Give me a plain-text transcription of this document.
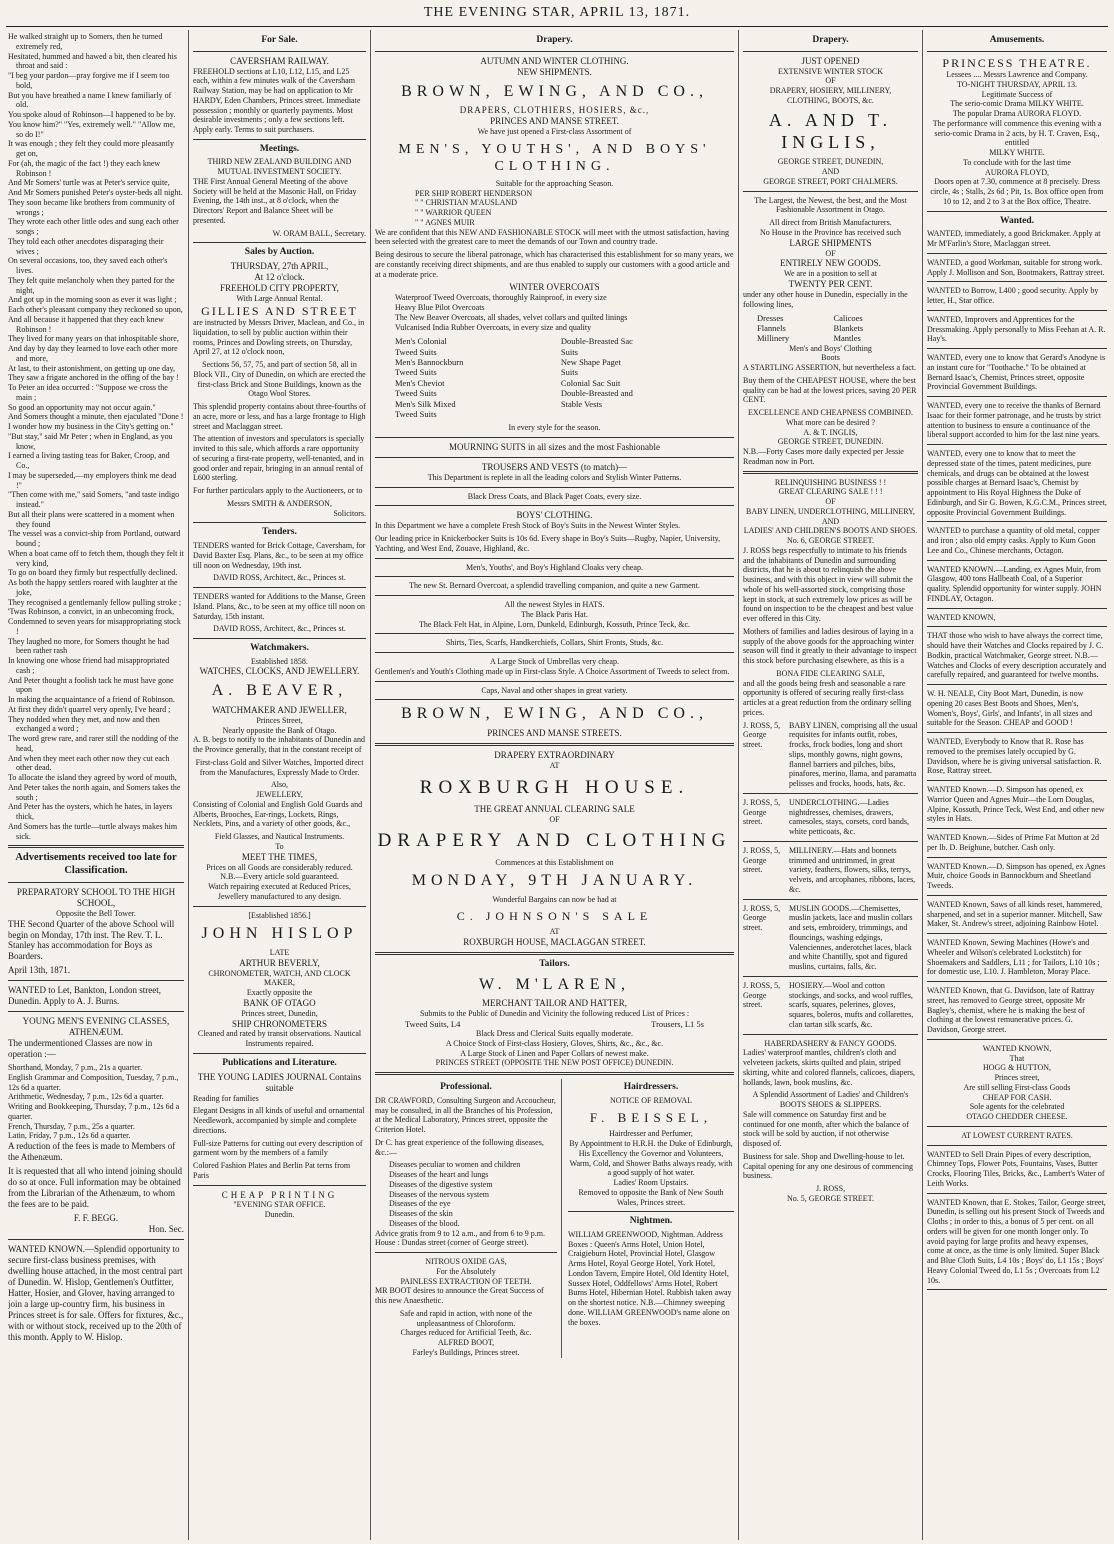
THE EVENING STAR, APRIL 13, 1871.

He walked straight up to Somers, then he turned extremely red,

Hesitated, hummed and hawed a bit, then cleared his throat and said :

"I beg your pardon—pray forgive me if I seem too bold,

But you have breathed a name I knew familiarly of old.

You spoke aloud of Robinson—I happened to be by.

You know him?" "Yes, extremely well." "Allow me, so do I!"

It was enough ; they felt they could more pleasantly get on,

For (ah, the magic of the fact !) they each knew Robinson !

And Mr Somers' turtle was at Peter's service quite,

And Mr Somers punished Peter's oyster-beds all night.

They soon became like brothers from community of wrongs ;

They wrote each other little odes and sung each other songs ;

They told each other anecdotes disparaging their wives ;

On several occasions, too, they saved each other's lives.

They felt quite melancholy when they parted for the night,

And got up in the morning soon as ever it was light ;

Each other's pleasant company they reckoned so upon,

And all because it happened that they each knew Robinson !

They lived for many years on that inhospitable shore,

And day by day they learned to love each other more and more,

At last, to their astonishment, on getting up one day,

They saw a frigate anchored in the offing of the bay !

To Peter an idea occurred : "Suppose we cross the main ;

So good an opportunity may not occur again."

And Somers thought a minute, then ejaculated "Done !

I wonder how my business in the City's getting on."

"But stay," said Mr Peter ; when in England, as you know,

I earned a living tasting teas for Baker, Croop, and Co.,

I may be superseded,—my employers think me dead !"

"Then come with me," said Somers, "and taste indigo instead."

But all their plans were scattered in a moment when they found

The vessel was a convict-ship from Portland, outward bound ;

When a boat came off to fetch them, though they felt it very kind,

To go on board they firmly but respectfully declined.

As both the happy settlers roared with laughter at the joke,

They recognised a gentlemanly fellow pulling stroke ;

'Twas Robinson, a convict, in an unbecoming frock,

Condemned to seven years for misappropriating stock !

They laughed no more, for Somers thought he had been rather rash

In knowing one whose friend had misappropriated cash ;

And Peter thought a foolish tack he must have gone upon

In making the acquaintance of a friend of Robinson.

At first they didn't quarrel very openly, I've heard ;

They nodded when they met, and now and then exchanged a word ;

The word grew rare, and rarer still the nodding of the head,

And when they meet each other now they cut each other dead.

To allocate the island they agreed by word of mouth,

And Peter takes the north again, and Somers takes the south ;

And Peter has the oysters, which he hates, in layers thick,

And Somers has the turtle—turtle always makes him sick.

Advertisements received too late for Classification.
PREPARATORY SCHOOL TO THE HIGH SCHOOL,
Opposite the Bell Tower.

THE Second Quarter of the above School will begin on Monday, 17th inst. The Rev. T. L. Stanley has accommodation for Boys as Boarders.

April 13th, 1871.

WANTED to Let, Bankton, London street, Dunedin. Apply to A. J. Burns.

YOUNG MEN'S EVENING CLASSES, ATHENÆUM.

The undermentioned Classes are now in operation :—

Shorthand, Monday, 7 p.m., 21s a quarter.
English Grammar and Composition, Tuesday, 7 p.m., 12s 6d a quarter.
Arithmetic, Wednesday, 7 p.m., 12s 6d a quarter.
Writing and Bookkeeping, Thursday, 7 p.m., 12s 6d a quarter.
French, Thursday, 7 p.m., 25s a quarter.
Latin, Friday, 7 p.m., 12s 6d a quarter.

A reduction of the fees is made to Members of the Athenæum.

It is requested that all who intend joining should do so at once. Full information may be obtained from the Librarian of the Athenæum, to whom the fees are to be paid.

F. F. BEGG.
Hon. Sec.

WANTED KNOWN.—Splendid opportunity to secure first-class business premises, with dwelling house attached, in the most central part of Dunedin. W. Hislop, Gentlemen's Outfitter, Hatter, Hosier, and Glover, having arranged to join a large up-country firm, his business in Princes street is for sale. Offers for fixtures, &c., with or without stock, received up to the 20th of this month. Apply to W. Hislop.

For Sale.
CAVERSHAM RAILWAY.

FREEHOLD sections at L10, L12, L15, and L25 each, within a few minutes walk of the Caversham Railway Station, may be had on application to Mr HARDY, Eden Chambers, Princes street. Immediate possession ; monthly or quarterly payments. Most desirable investments ; only a few sections left. Apply early. Terms to suit purchasers.

Meetings.
THIRD NEW ZEALAND BUILDING AND MUTUAL INVESTMENT SOCIETY.

THE First Annual General Meeting of the above Society will be held at the Masonic Hall, on Friday Evening, the 14th inst., at 8 o'clock, when the Directors' Report and Balance Sheet will be presented.

W. ORAM BALL, Secretary.
Sales by Auction.
THURSDAY, 27th APRIL,
At 12 o'clock.
FREEHOLD CITY PROPERTY,
With Large Annual Rental.
GILLIES AND STREET

are instructed by Messrs Driver, Maclean, and Co., in liquidation, to sell by public auction within their rooms, Princes and Dowling streets, on Thursday, April 27, at 12 o'clock noon,

Sections 56, 57, 75, and part of section 58, all in Block VII., City of Dunedin, on which are erected the first-class Brick and Stone Buildings, known as the Otago Wool Stores.

This splendid property contains about three-fourths of an acre, more or less, and has a large frontage to High street and Maclaggan street.

The attention of investors and speculators is specially invited to this sale, which affords a rare opportunity of securing a first-rate property, well-tenanted, and in good order and repair, bringing in an annual rental of L600 sterling.

For further particulars apply to the Auctioneers, or to

Messrs SMITH & ANDERSON,
Solicitors.
Tenders.

TENDERS wanted for Brick Cottage, Caversham, for David Baxter Esq. Plans, &c., to be seen at my office till noon on Wednesday, 19th inst.

DAVID ROSS, Architect, &c., Princes st.

TENDERS wanted for Additions to the Manse, Green Island. Plans, &c., to be seen at my office till noon on Saturday, 15th instant.

DAVID ROSS, Architect, &c., Princes st.
Watchmakers.
Established 1858.
WATCHES, CLOCKS, AND JEWELLERY.
A. BEAVER,
WATCHMAKER AND JEWELLER,
Princes Street,
Nearly opposite the Bank of Otago.

A. B. begs to notify to the inhabitants of Dunedin and the Province generally, that in the constant receipt of

First-class Gold and Silver Watches, Imported direct from the Manufactures, Expressly Made to Order.

Also,
JEWELLERY,

Consisting of Colonial and English Gold Guards and Alberts, Brooches, Ear-rings, Lockets, Rings, Necklets, Pins, and a variety of other goods, &c.,

Field Glasses, and Nautical Instruments.
To
MEET THE TIMES,
Prices on all Goods are considerably reduced.
N.B.—Every article sold guaranteed.
Watch repairing executed at Reduced Prices,
Jewellery manufactured to any design.
[Established 1856.]
JOHN HISLOP
LATE
ARTHUR BEVERLY,
CHRONOMETER, WATCH, AND CLOCK MAKER,
Exactly opposite the
BANK OF OTAGO
Princes street, Dunedin,
SHIP CHRONOMETERS
Cleaned and rated by transit observations. Nautical Instruments repaired.
Publications and Literature.
THE YOUNG LADIES JOURNAL Contains suitable

Reading for families

Elegant Designs in all kinds of useful and ornamental Needlework, accompanied by simple and complete directions.

Full-size Patterns for cutting out every description of garment worn by the members of a family

Colored Fashion Plates and Berlin Pat terns from Paris

CHEAP PRINTING
"EVENING STAR OFFICE.
Dunedin.
Drapery.
AUTUMN AND WINTER CLOTHING.
NEW SHIPMENTS.
BROWN, EWING, AND CO.,
DRAPERS, CLOTHIERS, HOSIERS, &c.,
PRINCES AND MANSE STREET.
We have just opened a First-class Assortment of
MEN'S, YOUTHS', AND BOYS' CLOTHING.
Suitable for the approaching Season.
PER SHIP ROBERT HENDERSON
" " CHRISTIAN M'AUSLAND
" " WARRIOR QUEEN
" " AGNES MUIR

We are confident that this NEW AND FASHIONABLE STOCK will meet with the utmost satisfaction, having been selected with the greatest care to meet the demands of our Town and country trade.

Being desirous to secure the liberal patronage, which has characterised this establishment for so many years, we are constantly receiving direct shipments, and are thus enabled to supply our customers with a good article and at a moderate price.

WINTER OVERCOATS
Waterproof Tweed Overcoats, thoroughly Rainproof, in every size
Heavy Blue Pilot Overcoats
The New Beaver Overcoats, all shades, velvet collars and quilted linings
Vulcanised India Rubber Overcoats, in every size and quality
Men's Colonial Tweed Suits
Men's Bannockburn Tweed Suits
Men's Cheviot Tweed Suits
Men's Silk Mixed Tweed Suits
Double-Breasted Sac Suits
New Shape Paget Suits
Colonial Sac Suit
Double-Breasted and Stable Vests
In every style for the season.
MOURNING SUITS in all sizes and the most Fashionable
TROUSERS AND VESTS (to match)—
This Department is replete in all the leading colors and Stylish Winter Patterns.
Black Dress Coats, and Black Paget Coats, every size.
BOYS' CLOTHING.

In this Department we have a complete Fresh Stock of Boy's Suits in the Newest Winter Styles.

Our leading price in Knickerbocker Suits is 10s 6d. Every shape in Boy's Suits—Rugby, Napier, University, Yachting, and West End, Zouave, Highland, &c.

Men's, Youths', and Boy's Highland Cloaks very cheap.
The new St. Bernard Overcoat, a splendid travelling companion, and quite a new Garment.
All the newest Styles in HATS.
The Black Paris Hat.
The Black Felt Hat, in Alpine, Lorn, Dunkeld, Edinburgh, Kossuth, Prince Teck, &c.
Shirts, Ties, Scarfs, Handkerchiefs, Collars, Shirt Fronts, Studs, &c.
A Large Stock of Umbrellas very cheap.

Gentlemen's and Youth's Clothing made up in First-class Style. A Choice Assortment of Tweeds to select from.

Caps, Naval and other shapes in great variety.
BROWN, EWING, AND CO.,
PRINCES AND MANSE STREETS.
DRAPERY EXTRAORDINARY
AT
ROXBURGH HOUSE.
THE GREAT ANNUAL CLEARING SALE
OF
DRAPERY AND CLOTHING
Commences at this Establishment on
MONDAY, 9TH JANUARY.
Wonderful Bargains can now be had at
C. JOHNSON'S SALE
AT
ROXBURGH HOUSE, MACLAGGAN STREET.
Tailors.
W. M'LAREN,
MERCHANT TAILOR AND HATTER,
Submits to the Public of Dunedin and Vicinity the following reduced List of Prices :
Tweed Suits, L4	Trousers, L1 5s
Black Dress and Clerical Suits equally moderate.
A Choice Stock of First-class Hosiery, Gloves, Shirts, &c., &c., &c.
A Large Stock of Linen and Paper Collars of newest make.
PRINCES STREET (OPPOSITE THE NEW POST OFFICE) DUNEDIN.
Professional.

DR CRAWFORD, Consulting Surgeon and Accoucheur, may be consulted, in all the Branches of his Profession, at the Medical Laboratory, Princes street, opposite the Criterion Hotel.

Dr C. has great experience of the following diseases, &c.:—

Diseases peculiar to women and children
Diseases of the heart and lungs
Diseases of the digestive system
Diseases of the nervous system
Diseases of the eye
Diseases of the skin
Diseases of the blood.

Advice gratis from 9 to 12 a.m., and from 6 to 9 p.m. House : Dundas street (corner of George street).

NITROUS OXIDE GAS,
For the Absolutely
PAINLESS EXTRACTION OF TEETH.

MR BOOT desires to announce the Great Success of this new Anaesthetic.

Safe and rapid in action, with none of the unpleasantness of Chloroform.
Charges reduced for Artificial Teeth, &c.
ALFRED BOOT,
Farley's Buildings, Princes street.
Hairdressers.
NOTICE OF REMOVAL
F. BEISSEL,
Hairdresser and Perfumer,
By Appointment to H.R.H. the Duke of Edinburgh, His Excellency the Governor and Volunteers,
Warm, Cold, and Shower Baths always ready, with a good supply of hot water.
Ladies' Room Upstairs.
Removed to opposite the Bank of New South Wales, Princes street.
Nightmen.

WILLIAM GREENWOOD, Nightman. Address Boxes : Queen's Arms Hotel, Union Hotel, Craigieburn Hotel, Provincial Hotel, Glasgow Arms Hotel, Royal George Hotel, York Hotel, London Tavern, Empire Hotel, Old Identity Hotel, Sussex Hotel, Oddfellows' Arms Hotel, Robert Burns Hotel, Hibernian Hotel. Rubbish taken away on the shortest notice. N.B.—Chimney sweeping done. WILLIAM GREENWOOD's name alone on the boxes.

Drapery.
JUST OPENED
EXTENSIVE WINTER STOCK
OF
DRAPERY, HOSIERY, MILLINERY,
CLOTHING, BOOTS, &c.
A. AND T. INGLIS,
GEORGE STREET, DUNEDIN,
AND
GEORGE STREET, PORT CHALMERS.

The Largest, the Newest, the best, and the Most Fashionable Assortment in Otago.

All direct from British Manufacturers.
No House in the Province has received such
LARGE SHIPMENTS
OF
ENTIRELY NEW GOODS.
We are in a position to sell at
TWENTY PER CENT.

under any other house in Dunedin, especially in the following lines,

Dresses
Flannels
Millinery
Calicoes
Blankets
Mantles
Men's and Boys' Clothing
Boots

A STARTLING ASSERTION, but nevertheless a fact.

Buy them of the CHEAPEST HOUSE, where the best quality can be had at the lowest prices, saving 20 PER CENT.

EXCELLENCE AND CHEAPNESS COMBINED.
What more can be desired ?
A. & T. INGLIS,
GEORGE STREET, DUNEDIN.

N.B.—Forty Cases more daily expected per Jessie Readman now in Port.

RELINQUISHING BUSINESS ! !
GREAT CLEARING SALE ! ! !
OF
BABY LINEN, UNDERCLOTHING, MILLINERY,
AND
LADIES' AND CHILDREN'S BOOTS AND SHOES.
No. 6, GEORGE STREET.

J. ROSS begs respectfully to intimate to his friends and the inhabitants of Dunedin and surrounding districts, that he is about to relinquish the above business, and with this object in view will submit the whole of his well-assorted stock, comprising those kept in stock, at such extremely low prices as will be found on inspection to be the cheapest and best value ever offered in this City.

Mothers of families and ladies desirous of laying in a supply of the above goods for the approaching winter season will find it greatly to their advantage to inspect this stock before purchasing elsewhere, as this is a

BONA FIDE CLEARING SALE,

and all the goods being fresh and seasonable a rare opportunity is offered of securing really first-class articles at a great reduction from the ordinary selling prices.

J. ROSS, 5, George street.
BABY LINEN, comprising all the usual requisites for infants outfit, robes, frocks, frock bodies, long and short slips, monthly gowns, night gowns, flannel barriers and pilches, bibs, pinafores, merino, llama, and paramatta pelisses and frocks, hoods, hats, &c.
J. ROSS, 5, George street.
UNDERCLOTHING.—Ladies nightdresses, chemises, drawers, camesoles, stays, corsets, cord bands, white petticoats, &c.
J. ROSS, 5, George street.
MILLINERY.—Hats and bonnets trimmed and untrimmed, in great variety, feathers, flowers, silks, terrys, velvets, and arcophanes, ribbons, laces, &c.
J. ROSS, 5, George street.
MUSLIN GOODS.—Chemisettes, muslin jackets, lace and muslin collars and sets, embroidery, trimmings, and flouncings, washing edgings, Valenciennes, anderotchet laces, black and white Chantilly, spot and figured muslins, curtains, falls, &c.
J. ROSS, 5, George street.
HOSIERY.—Wool and cotton stockings, and socks, and wool ruffles, scarfs, squares, pelerines, gloves, squares, boleros, mufts and collarettes, clan tartan silk scarfs, &c.
HABERDASHERY & FANCY GOODS.

Ladies' waterproof mantles, children's cloth and velveteen jackets, skirts quilted and plain, striped skirting, white and colored flannels, calicoes, diapers, hollands, lawn, book muslins, &c.

A Splendid Assortment of Ladies' and Children's
BOOTS SHOES & SLIPPERS.

Sale will commence on Saturday first and be continued for one month, after which the balance of stock will be sold by auction, if not otherwise disposed of.

Business for sale. Shop and Dwelling-house to let. Capital opening for any one desirous of commencing business.

J. ROSS,
No. 5, GEORGE STREET.
Amusements.
PRINCESS THEATRE.
Lessees .... Messrs Lawrence and Company.
TO-NIGHT THURSDAY, APRIL 13.
Legitimate Success of
The serio-comic Drama MILKY WHITE.
The popular Drama AURORA FLOYD.
The performance will commence this evening with a serio-comic Drama in 2 acts, by H. T. Craven, Esq., entitled
MILKY WHITE.
To conclude with for the last time
AURORA FLOYD,
Doors open at 7.30, commence at 8 precisely. Dress circle, 4s ; Stalls, 2s 6d ; Pit, 1s. Box office open from 10 to 12, and 2 to 3 at the Box office, Theatre.
Wanted.

WANTED, immediately, a good Brickmaker. Apply at Mr M'Farlin's Store, Maclaggan street.

WANTED, a good Workman, suitable for strong work. Apply J. Mollison and Son, Bootmakers, Rattray street.

WANTED to Borrow, L400 ; good security. Apply by letter, H., Star office.

WANTED, Improvers and Apprentices for the Dressmaking. Apply personally to Miss Feehan at A. R. Hay's.

WANTED, every one to know that Gerard's Anodyne is an instant cure for "Toothache." To be obtained at Bernard Isaac's, Chemist, Princes street, opposite Provincial Government Buildings.

WANTED, every one to receive the thanks of Bernard Isaac for their former patronage, and he trusts by strict attention to business to ensure a continuance of the liberal support accorded to him for the last nine years.

WANTED, every one to know that to meet the depressed state of the times, patent medicines, pure chemicals, and drugs can be obtained at the lowest possible charges at Bernard Isaac's, Chemist by appointment to His Royal Highness the Duke of Edinburgh, and Sir G. Bowen, K.G.C.M., Princes street, opposite Provincial Government Buildings.

WANTED to purchase a quantity of old metal, copper and iron ; also old empty casks. Apply to Kum Goon Lee and Co., Chinese merchants, Octagon.

WANTED KNOWN.—Landing, ex Agnes Muir, from Glasgow, 400 tons Hallbeath Coal, of a Superior quality. Splendid opportunity for winter supply. JOHN FINDLAY, Octagon.

WANTED KNOWN,

THAT those who wish to have always the correct time, should have their Watches and Clocks repaired by J. C. Bodkin, practical Watchmaker, George street. N.B.—Watches and Clocks of every description accurately and carefully repaired, and guaranteed for twelve months.

W. H. NEALE, City Boot Mart, Dunedin, is now opening 20 cases Best Boots and Shoes, Men's, Women's, Boys', Girls', and Infants', in all sizes and suitable for the Season. CHEAP and GOOD !

WANTED, Everybody to Know that R. Rose has removed to the premises lately occupied by G. Davidson, where he is giving universal satisfaction. R. Rose, Rattray street.

WANTED Known.—D. Simpson has opened, ex Warrior Queen and Agnes Muir—the Lorn Douglas, Alpine, Kossuth, Prince Teck, West End, and other new styles in Hats.

WANTED Known.—Sides of Prime Fat Mutton at 2d per lb. D. Beighune, butcher. Cash only.

WANTED Known.—D. Simpson has opened, ex Agnes Muir, choice Goods in Bannockburn and Sheetland Tweeds.

WANTED Known, Saws of all kinds reset, hammered, sharpened, and set in a superior manner. Mitchell, Saw Maker, St. Andrew's street, adjoining Rainbow Hotel.

WANTED Known, Sewing Machines (Howe's and Wheeler and Wilson's celebrated Lockstitch) for Shoemakers and Saddlers, L11 ; for Tailors, L10 10s ; for domestic use, L10. J. Hambleton, Moray Place.

WANTED Known, that G. Davidson, late of Rattray street, has removed to George street, opposite Mr Bagley's, chemist, where he is making the best of clothing at the lowest remunerative prices. G. Davidson, George street.

WANTED KNOWN,
That
HOGG & HUTTON,
Princes street,
Are still selling First-class Goods
CHEAP FOR CASH.
Sole agents for the celebrated
OTAGO CHEDDER CHEESE.
AT LOWEST CURRENT RATES.

WANTED to Sell Drain Pipes of every description, Chimney Tops, Flower Pots, Fountains, Vases, Butter Crocks, Flooring Tiles, Bricks, &c., Lambert's Water of Leith Works.

WANTED Known, that E. Stokes, Tailor, George street, Dunedin, is selling out his present Stock of Tweeds and Cloths ; in order to this, a bonus of 5 per cent. on all orders will be given for one month longer only. To avoid paying for large profits and heavy expenses, come at once, as the time is only limited. Super Black and Blue Cloth Suits, L4 10s ; Boys' do, L1 15s ; Boys' Heavy Colonial Tweed do, L1 5s ; Overcoats from L2 10s.
